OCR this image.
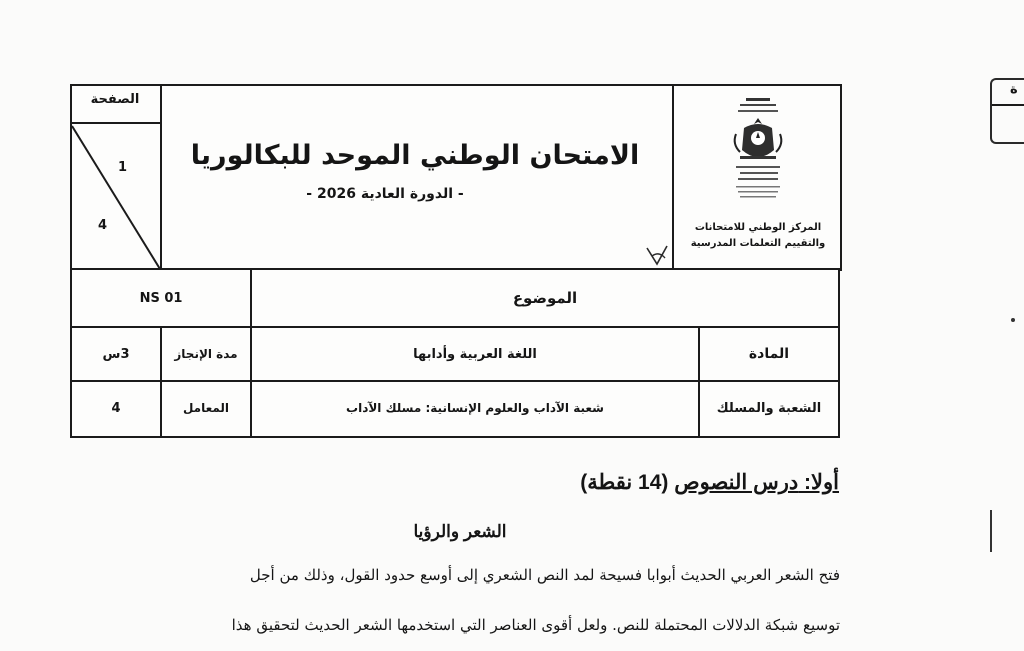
الصفحة
1
4
الامتحان الوطني الموحد للبكالوريا
- الدورة العادية 2026 -
المركز الوطني للامتحانات
والتقييم التعلمات المدرسية
NS 01	الموضوع
3س	مدة الإنجاز	اللغة العربية وأدابها	المادة
4	المعامل	شعبة الآداب والعلوم الإنسانية: مسلك الآداب	الشعبة والمسلك
أولا: درس النصوص (14 نقطة)
الشعر والرؤيا
فتح الشعر العربي الحديث أبوابا فسيحة لمد النص الشعري إلى أوسع حدود القول، وذلك من أجل
توسيع شبكة الدلالات المحتملة للنص. ولعل أقوى العناصر التي استخدمها الشعر الحديث لتحقيق هذا
ة
